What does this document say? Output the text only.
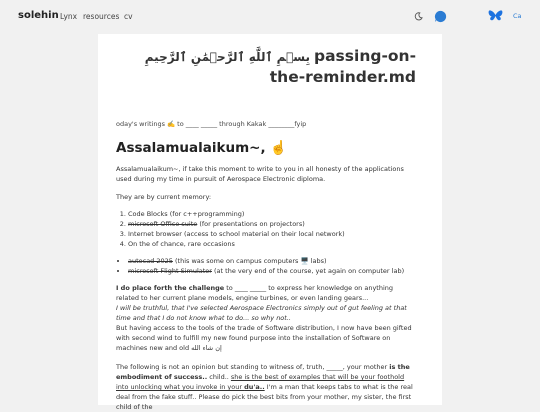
solehin Lynx resources cv	Ca
بِسۡمِ ٱللَّهِ ٱلرَّحۡمَٰنِ ٱلرَّحِيمِ passing-on-the-reminder.md
oday's writings ✍️ to ____ _____ through Kakak ________fyip
Assalamualaikum~, ☝️

Assalamualaikum~, if take this moment to write to you in all honesty of the applications used during my time in pursuit of Aerospace Electronic diploma.

They are by current memory:

1. Code Blocks (for c++programming)
2. microsoft Office suite (for presentations on projectors)
3. Internet browser (access to school material on their local network)
4. On the of chance, rare occasions
• autocad 2025 (this was some on campus computers 🖥️ labs)
• microsoft Flight Simulator (at the very end of the course, yet again on computer lab)

I do place forth the challenge to ____ _____ to express her knowledge on anything related to her current plane models, engine turbines, or even landing gears...
I will be truthful, that I've selected Aerospace Electronics simply out of gut feeling at that time and that I do not know what to do... so why not..
But having access to the tools of the trade of Software distribution, I now have been gifted with second wind to fulfill my new found purpose into the installation of Software on machines new and old إن شاء الله

The following is not an opinion but standing to witness of, truth, _____, your mother is the embodiment of success.. child.. she is the best of examples that will be your foothold into unlocking what you invoke in your du'a.. I'm a man that keeps tabs to what is the real deal from the fake stuff.. Please do pick the best bits from your mother, my sister, the first child of the
